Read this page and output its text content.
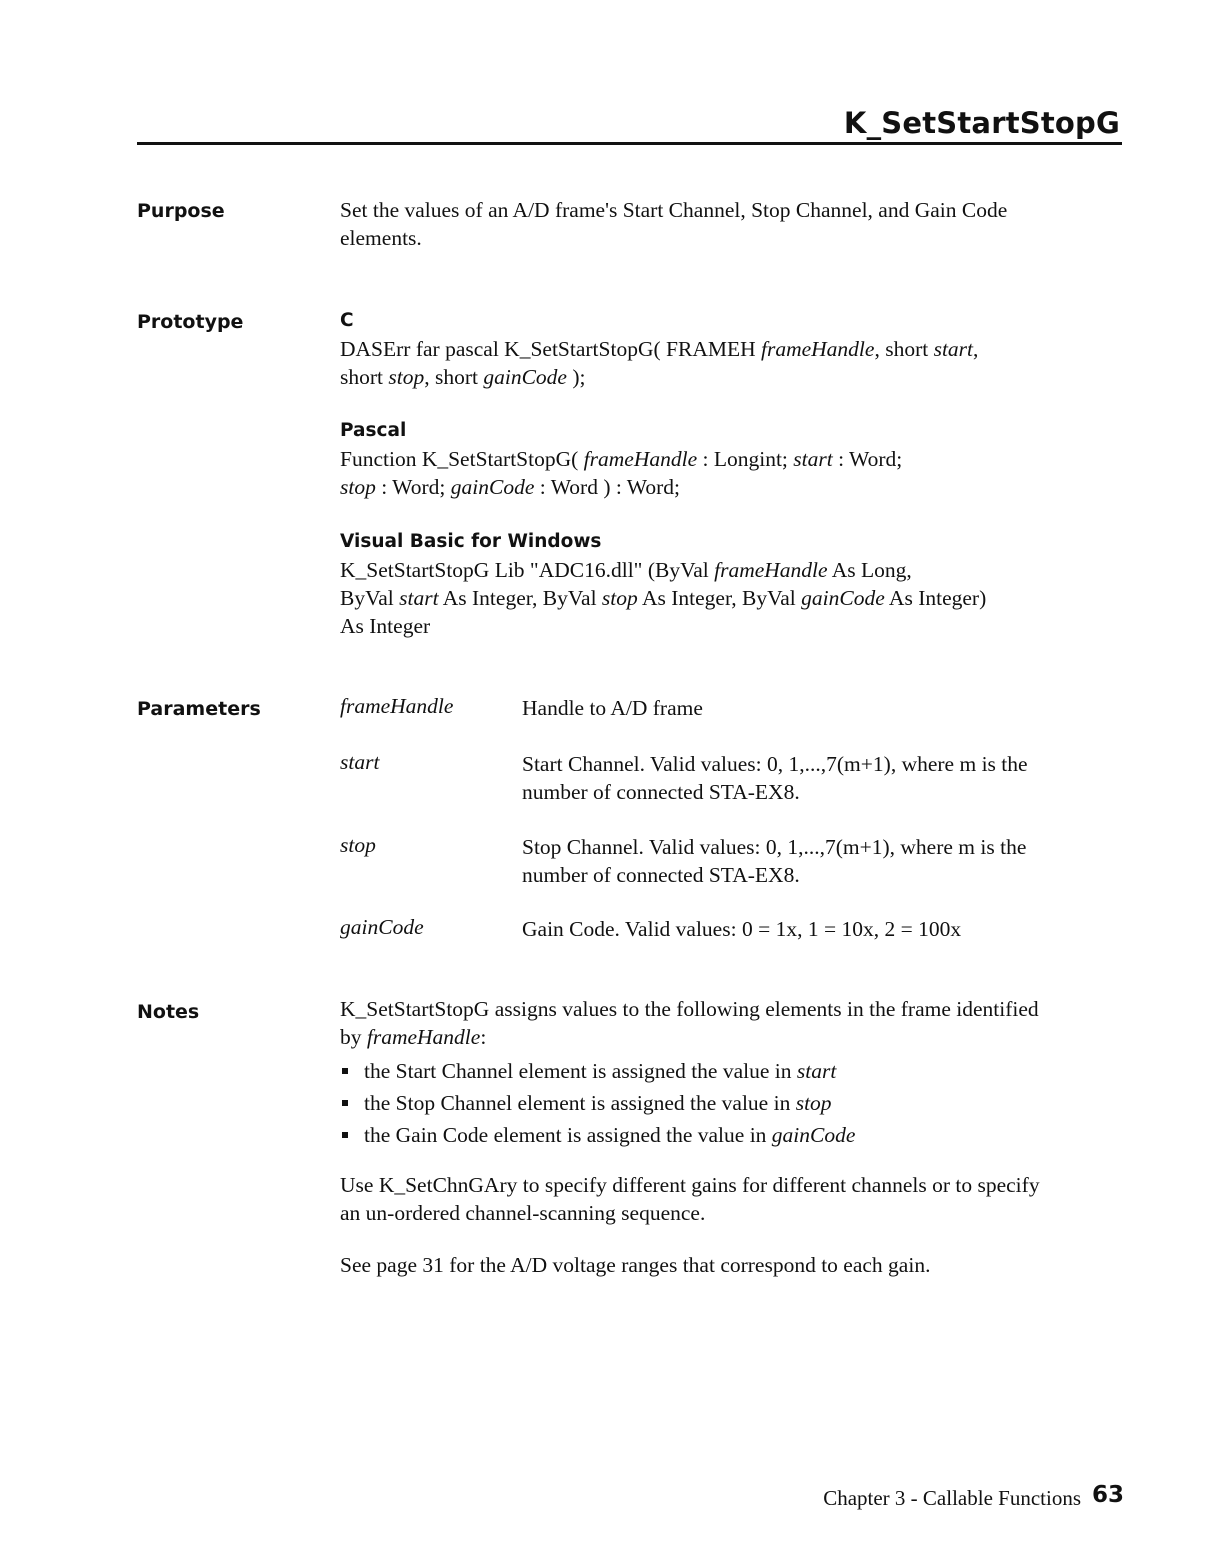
K_SetStartStopG
Purpose	Set the values of an A/D frame's Start Channel, Stop Channel, and Gain Code
elements.
Prototype	C
DASErr far pascal K_SetStartStopG( FRAMEH frameHandle, short start,
short stop, short gainCode );
Pascal
Function K_SetStartStopG( frameHandle : Longint; start : Word;
stop : Word; gainCode : Word ) : Word;
Visual Basic for Windows
K_SetStartStopG Lib "ADC16.dll" (ByVal frameHandle As Long,
ByVal start As Integer, ByVal stop As Integer, ByVal gainCode As Integer)
As Integer
Parameters	frameHandle	Handle to A/D frame
start	Start Channel. Valid values: 0, 1,...,7(m+1), where m is the
number of connected STA-EX8.
stop	Stop Channel. Valid values: 0, 1,...,7(m+1), where m is the
number of connected STA-EX8.
gainCode	Gain Code. Valid values: 0 = 1x, 1 = 10x, 2 = 100x
Notes	K_SetStartStopG assigns values to the following elements in the frame identified
by frameHandle:
the Start Channel element is assigned the value in start
the Stop Channel element is assigned the value in stop
the Gain Code element is assigned the value in gainCode
Use K_SetChnGAry to specify different gains for different channels or to specify
an un-ordered channel-scanning sequence.
See page 31 for the A/D voltage ranges that correspond to each gain.
Chapter 3 - Callable Functions 63
